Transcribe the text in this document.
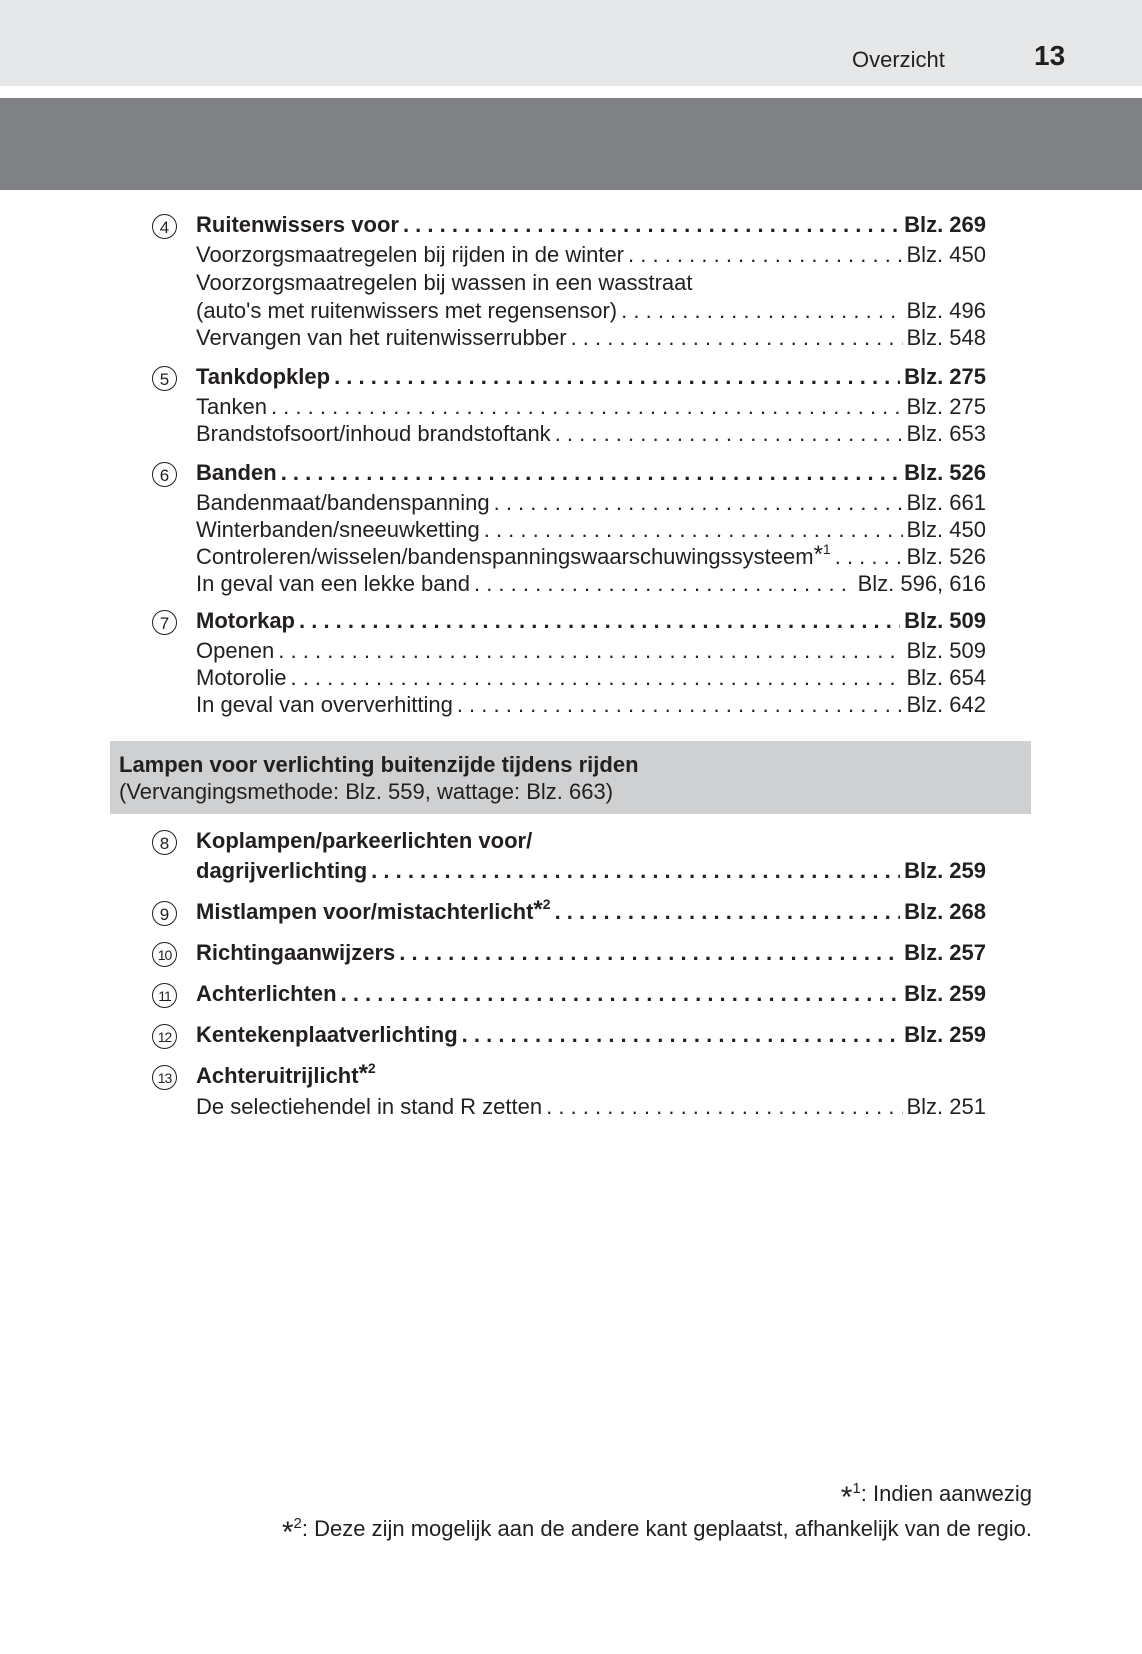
Overzicht	13
4	Ruitenwissers voor . . .	Blz. 269
Voorzorgsmaatregelen bij rijden in de winter . . .	Blz. 450
Voorzorgsmaatregelen bij wassen in een wasstraat
(auto's met ruitenwissers met regensensor) . . .	Blz. 496
Vervangen van het ruitenwisserrubber . . .	Blz. 548
5	Tankdopklep . . .	Blz. 275
Tanken . . .	Blz. 275
Brandstofsoort/inhoud brandstoftank . . .	Blz. 653
6	Banden . . .	Blz. 526
Bandenmaat/bandenspanning . . .	Blz. 661
Winterbanden/sneeuwketting . . .	Blz. 450
Controleren/wisselen/bandenspanningswaarschuwingssysteem$^{*1}$ . . .	Blz. 526
In geval van een lekke band . . .	Blz. 596, 616
7	Motorkap . . .	Blz. 509
Openen . . .	Blz. 509
Motorolie . . .	Blz. 654
In geval van oververhitting . . .	Blz. 642
Lampen voor verlichting buitenzijde tijdens rijden
(Vervangingsmethode: Blz. 559, wattage: Blz. 663)
8	Koplampen/parkeerlichten voor/
dagrijverlichting . . .	Blz. 259
9	Mistlampen voor/mistachterlicht$^{*2}$ . . .	Blz. 268
10 Richtingaanwijzers . . .	Blz. 257
11 Achterlichten . . .	Blz. 259
12 Kentekenplaatverlichting . . .	Blz. 259
13 Achteruitrijlicht$^{*2}$
De selectiehendel in stand R zetten . . .	Blz. 251
*$^1$: Indien aanwezig
*$^2$: Deze zijn mogelijk aan de andere kant geplaatst, afhankelijk van de regio.
